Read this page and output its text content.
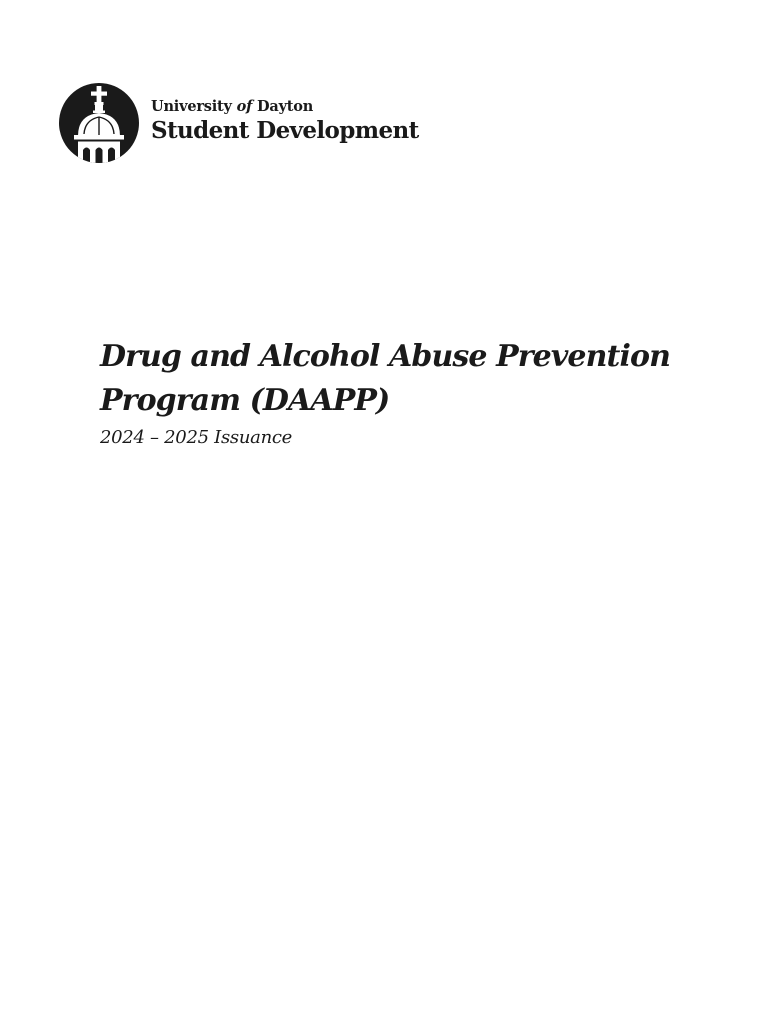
University of Dayton
Student Development
Drug and Alcohol Abuse Prevention
Program (DAAPP)
2024 – 2025 Issuance
